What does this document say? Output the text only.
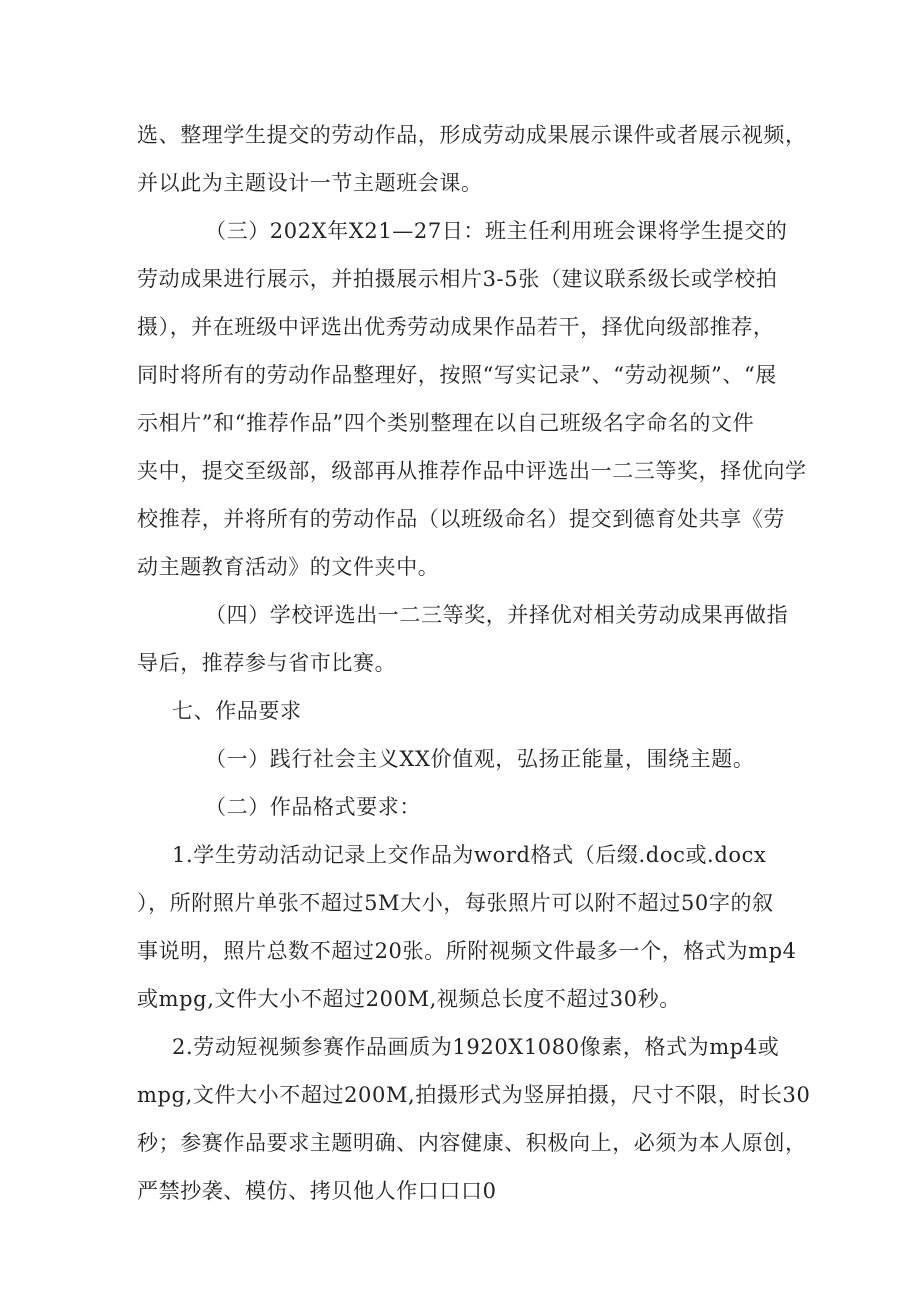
选、整理学生提交的劳动作品，形成劳动成果展示课件或者展示视频，
并以此为主题设计一节主题班会课。
（三）202X年X21—27日：班主任利用班会课将学生提交的
劳动成果进行展示，并拍摄展示相片3-5张（建议联系级长或学校拍
摄），并在班级中评选出优秀劳动成果作品若干，择优向级部推荐，
同时将所有的劳动作品整理好，按照“写实记录”、“劳动视频”、“展
示相片”和“推荐作品”四个类别整理在以自己班级名字命名的文件
夹中，提交至级部，级部再从推荐作品中评选出一二三等奖，择优向学
校推荐，并将所有的劳动作品（以班级命名）提交到德育处共享《劳
动主题教育活动》的文件夹中。
（四）学校评选出一二三等奖，并择优对相关劳动成果再做指
导后，推荐参与省市比赛。
七、作品要求
（一）践行社会主义XX价值观，弘扬正能量，围绕主题。
（二）作品格式要求：
1.学生劳动活动记录上交作品为word格式（后缀.doc或.docx
），所附照片单张不超过5M大小，每张照片可以附不超过50字的叙
事说明，照片总数不超过20张。所附视频文件最多一个，格式为mp4
或mpg,文件大小不超过200M,视频总长度不超过30秒。
2.劳动短视频参赛作品画质为1920X1080像素，格式为mp4或
mpg,文件大小不超过200M,拍摄形式为竖屏拍摄，尺寸不限，时长30
秒；参赛作品要求主题明确、内容健康、积极向上，必须为本人原创，
严禁抄袭、模仿、拷贝他人作口口口0
